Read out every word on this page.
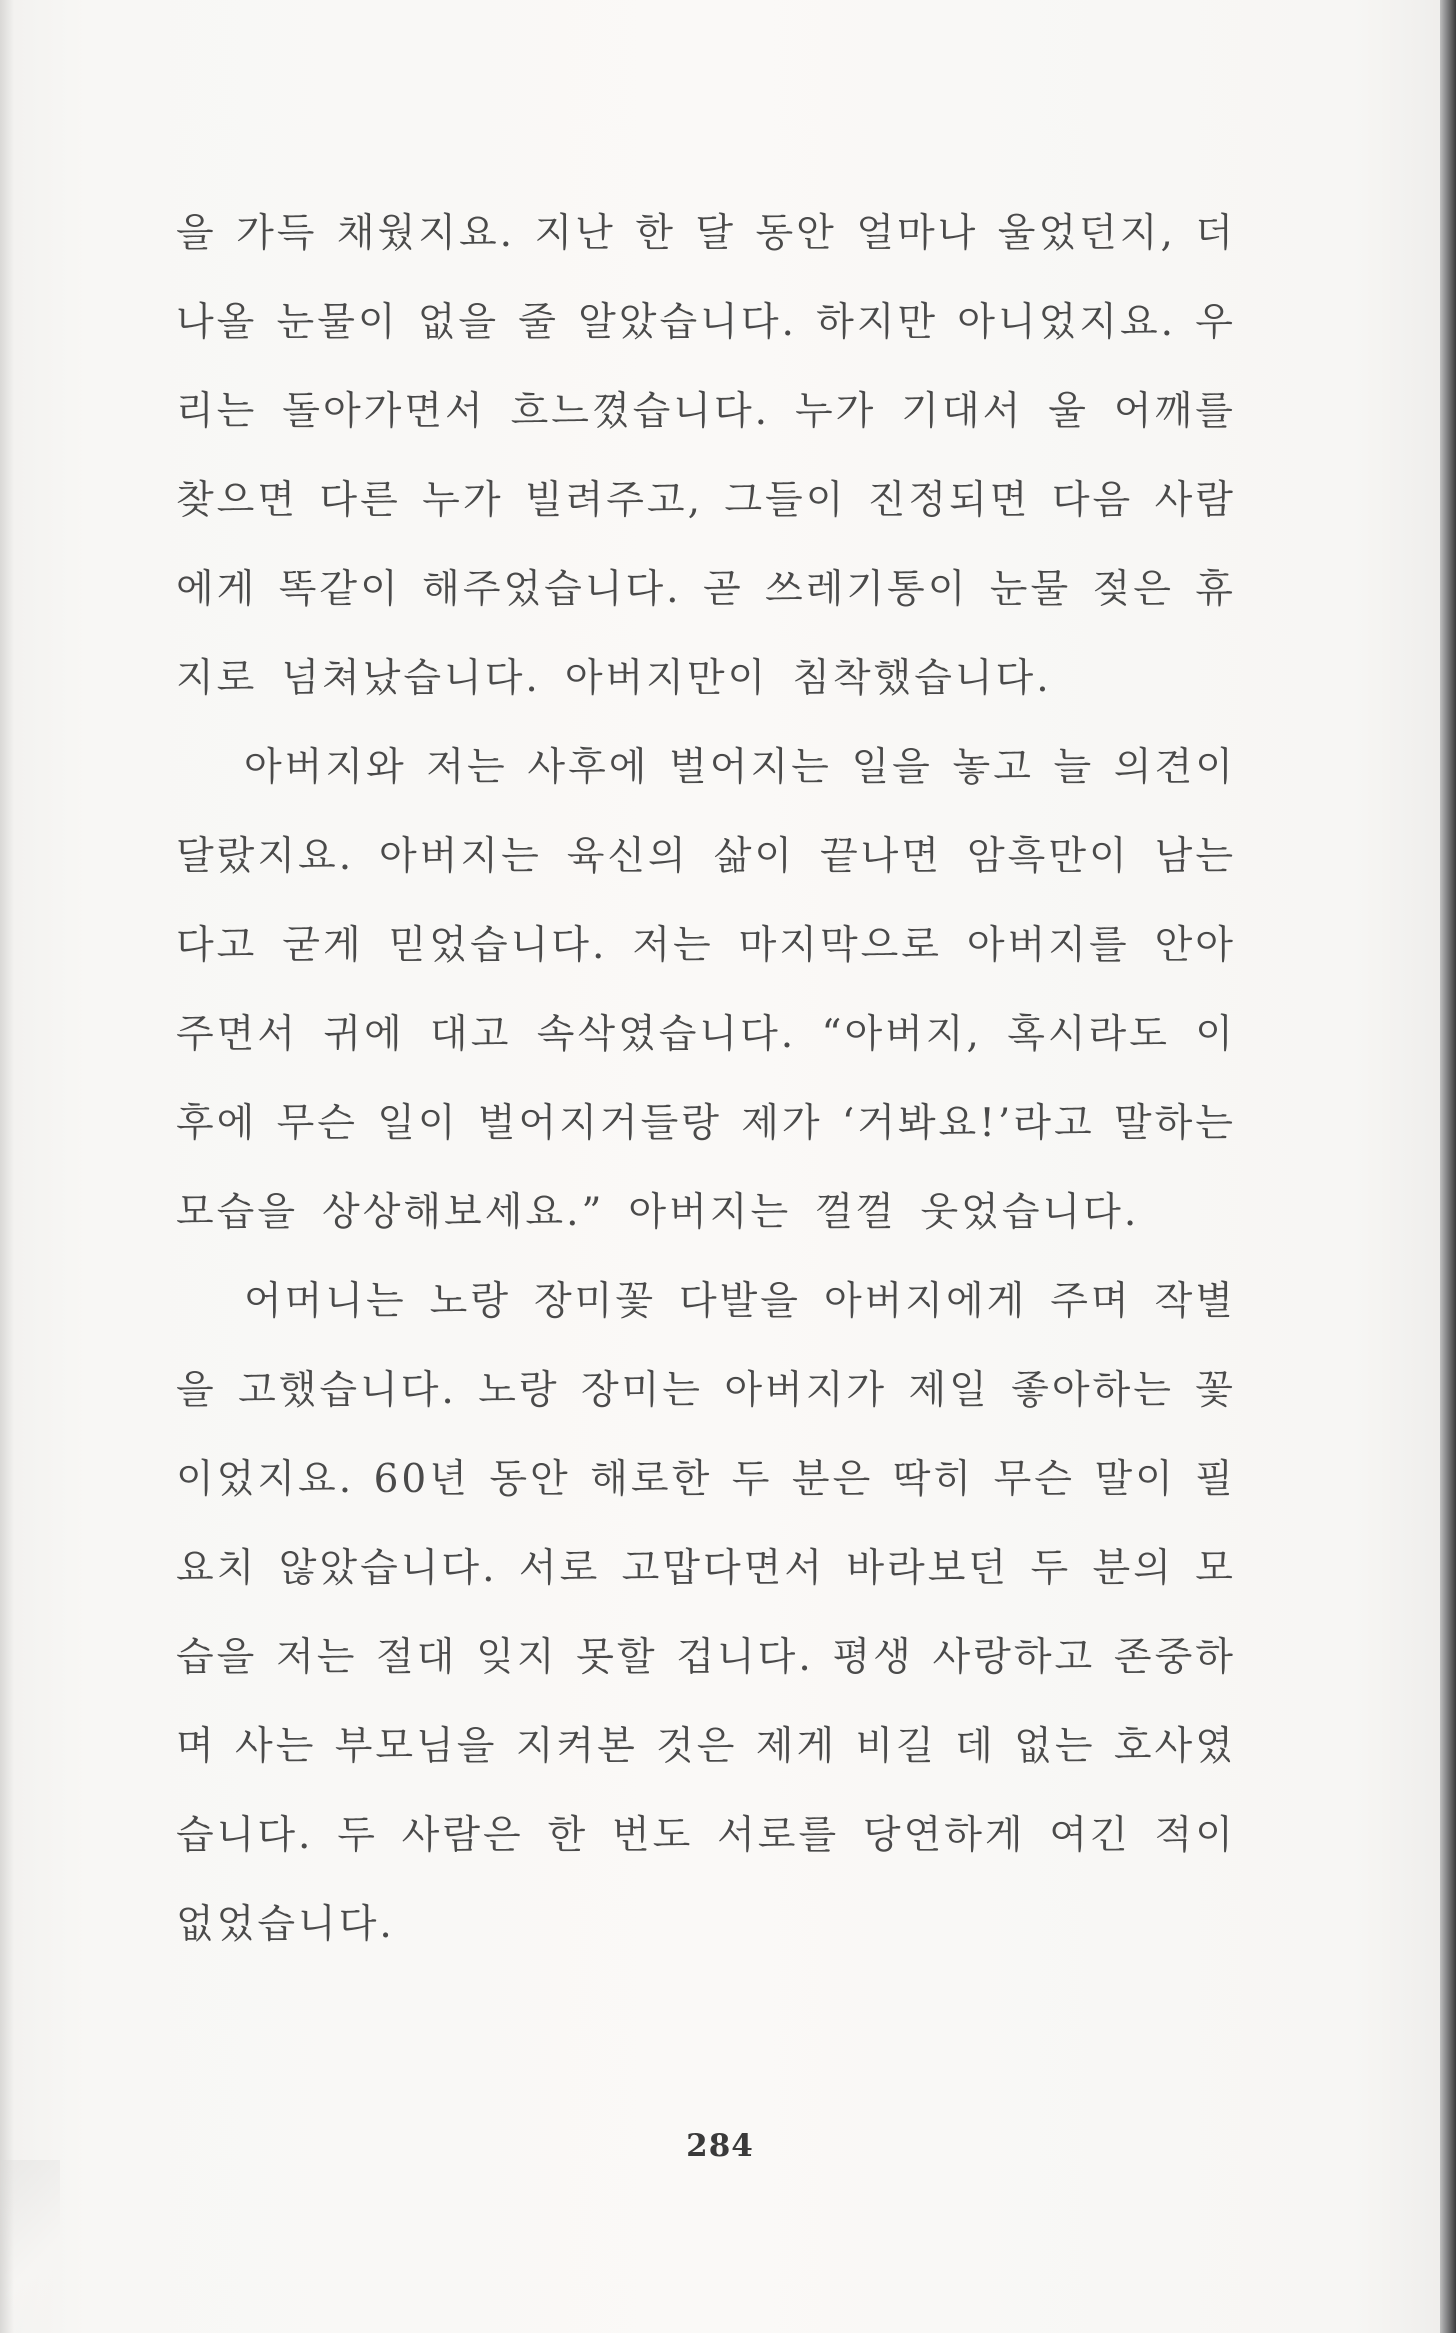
을 가득 채웠지요. 지난 한 달 동안 얼마나 울었던지, 더
나올 눈물이 없을 줄 알았습니다. 하지만 아니었지요. 우
리는 돌아가면서 흐느꼈습니다. 누가 기대서 울 어깨를
찾으면 다른 누가 빌려주고, 그들이 진정되면 다음 사람
에게 똑같이 해주었습니다. 곧 쓰레기통이 눈물 젖은 휴
지로 넘쳐났습니다. 아버지만이 침착했습니다.
아버지와 저는 사후에 벌어지는 일을 놓고 늘 의견이
달랐지요. 아버지는 육신의 삶이 끝나면 암흑만이 남는
다고 굳게 믿었습니다. 저는 마지막으로 아버지를 안아
주면서 귀에 대고 속삭였습니다. “아버지, 혹시라도 이
후에 무슨 일이 벌어지거들랑 제가 ‘거봐요!’라고 말하는
모습을 상상해보세요.” 아버지는 껄껄 웃었습니다.
어머니는 노랑 장미꽃 다발을 아버지에게 주며 작별
을 고했습니다. 노랑 장미는 아버지가 제일 좋아하는 꽃
이었지요. 60년 동안 해로한 두 분은 딱히 무슨 말이 필
요치 않았습니다. 서로 고맙다면서 바라보던 두 분의 모
습을 저는 절대 잊지 못할 겁니다. 평생 사랑하고 존중하
며 사는 부모님을 지켜본 것은 제게 비길 데 없는 호사였
습니다. 두 사람은 한 번도 서로를 당연하게 여긴 적이
없었습니다.
284
